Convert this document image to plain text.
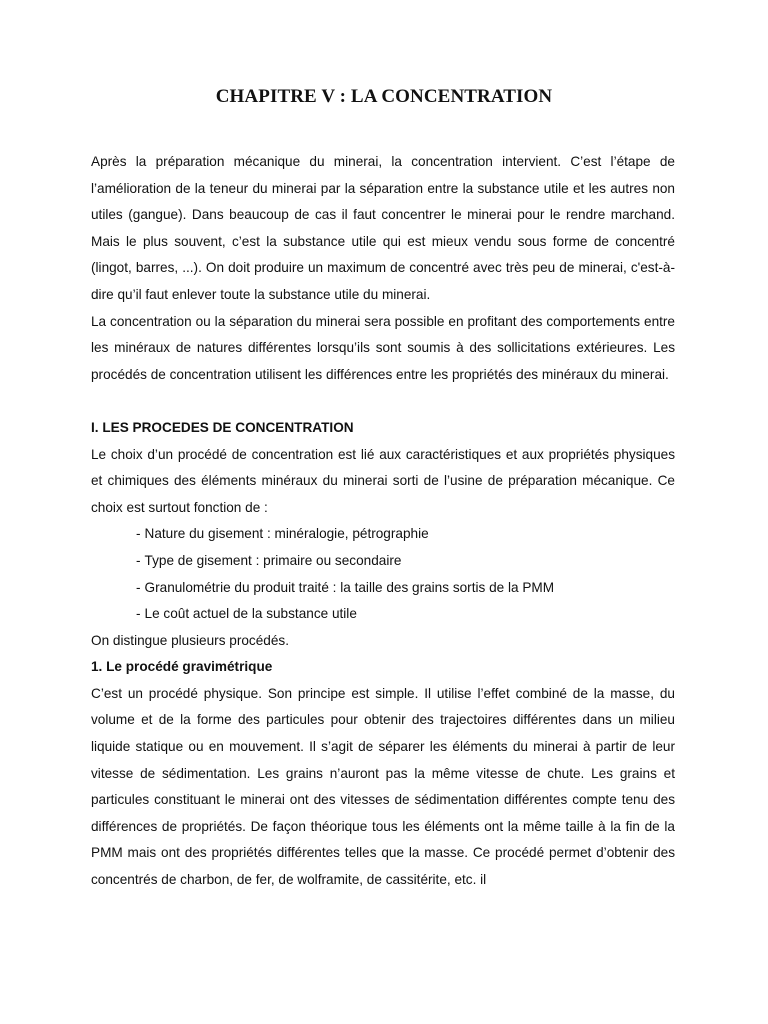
CHAPITRE V : LA CONCENTRATION

Après la préparation mécanique du minerai, la concentration intervient. C’est l’étape de l’amélioration de la teneur du minerai par la séparation entre la substance utile et les autres non utiles (gangue). Dans beaucoup de cas il faut concentrer le minerai pour le rendre marchand. Mais le plus souvent, c’est la substance utile qui est mieux vendu sous forme de concentré (lingot, barres, ...). On doit produire un maximum de concentré avec très peu de minerai, c'est-à-dire qu’il faut enlever toute la substance utile du minerai.

La concentration ou la séparation du minerai sera possible en profitant des comportements entre les minéraux de natures différentes lorsqu’ils sont soumis à des sollicitations extérieures. Les procédés de concentration utilisent les différences entre les propriétés des minéraux du minerai.

I. LES PROCEDES DE CONCENTRATION

Le choix d’un procédé de concentration est lié aux caractéristiques et aux propriétés physiques et chimiques des éléments minéraux du minerai sorti de l’usine de préparation mécanique. Ce choix est surtout fonction de :

- Nature du gisement : minéralogie, pétrographie
- Type de gisement : primaire ou secondaire
- Granulométrie du produit traité : la taille des grains sortis de la PMM
- Le coût actuel de la substance utile

On distingue plusieurs procédés.

1. Le procédé gravimétrique

C’est un procédé physique. Son principe est simple. Il utilise l’effet combiné de la masse, du volume et de la forme des particules pour obtenir des trajectoires différentes dans un milieu liquide statique ou en mouvement. Il s’agit de séparer les éléments du minerai à partir de leur vitesse de sédimentation. Les grains n’auront pas la même vitesse de chute. Les grains et particules constituant le minerai ont des vitesses de sédimentation différentes compte tenu des différences de propriétés. De façon théorique tous les éléments ont la même taille à la fin de la PMM mais ont des propriétés différentes telles que la masse. Ce procédé permet d’obtenir des concentrés de charbon, de fer, de wolframite, de cassitérite, etc. il
